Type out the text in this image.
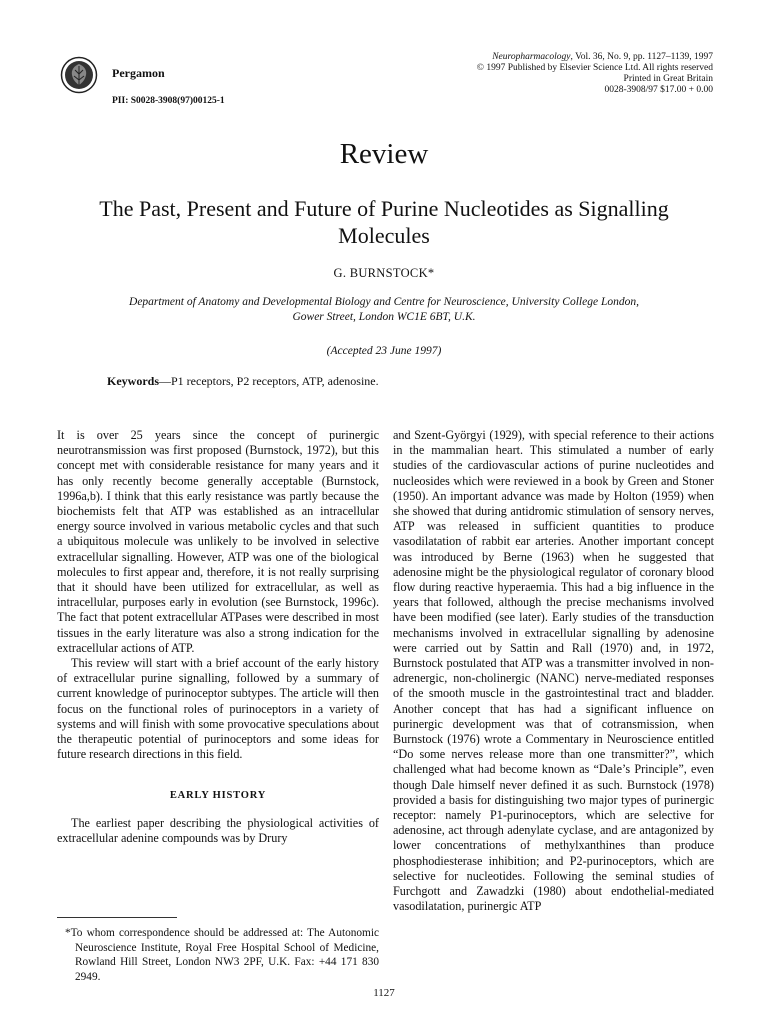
Pergamon
PII: S0028-3908(97)00125-1
Neuropharmacology, Vol. 36, No. 9, pp. 1127–1139, 1997
© 1997 Published by Elsevier Science Ltd. All rights reserved
Printed in Great Britain
0028-3908/97 $17.00 + 0.00
Review
The Past, Present and Future of Purine Nucleotides as Signalling Molecules
G. BURNSTOCK*
Department of Anatomy and Developmental Biology and Centre for Neuroscience, University College London,
Gower Street, London WC1E 6BT, U.K.
(Accepted 23 June 1997)
Keywords—P1 receptors, P2 receptors, ATP, adenosine.

It is over 25 years since the concept of purinergic neurotransmission was first proposed (Burnstock, 1972), but this concept met with considerable resistance for many years and it has only recently become generally acceptable (Burnstock, 1996a,b). I think that this early resistance was partly because the biochemists felt that ATP was established as an intracellular energy source involved in various metabolic cycles and that such a ubiquitous molecule was unlikely to be involved in selective extracellular signalling. However, ATP was one of the biological molecules to first appear and, therefore, it is not really surprising that it should have been utilized for extracellular, as well as intracellular, purposes early in evolution (see Burnstock, 1996c). The fact that potent extracellular ATPases were described in most tissues in the early literature was also a strong indication for the extracellular actions of ATP.

This review will start with a brief account of the early history of extracellular purine signalling, followed by a summary of current knowledge of purinoceptor subtypes. The article will then focus on the functional roles of purinoceptors in a variety of systems and will finish with some provocative speculations about the therapeutic potential of purinoceptors and some ideas for future research directions in this field.

EARLY HISTORY

The earliest paper describing the physiological activities of extracellular adenine compounds was by Drury

and Szent-Györgyi (1929), with special reference to their actions in the mammalian heart. This stimulated a number of early studies of the cardiovascular actions of purine nucleotides and nucleosides which were reviewed in a book by Green and Stoner (1950). An important advance was made by Holton (1959) when she showed that during antidromic stimulation of sensory nerves, ATP was released in sufficient quantities to produce vasodilatation of rabbit ear arteries. Another important concept was introduced by Berne (1963) when he suggested that adenosine might be the physiological regulator of coronary blood flow during reactive hyperaemia. This had a big influence in the years that followed, although the precise mechanisms involved have been modified (see later). Early studies of the transduction mechanisms involved in extracellular signalling by adenosine were carried out by Sattin and Rall (1970) and, in 1972, Burnstock postulated that ATP was a transmitter involved in non-adrenergic, non-cholinergic (NANC) nerve-mediated responses of the smooth muscle in the gastrointestinal tract and bladder. Another concept that has had a significant influence on purinergic development was that of cotransmission, when Burnstock (1976) wrote a Commentary in Neuroscience entitled “Do some nerves release more than one transmitter?”, which challenged what had become known as “Dale’s Principle”, even though Dale himself never defined it as such. Burnstock (1978) provided a basis for distinguishing two major types of purinergic receptor: namely P1-purinoceptors, which are selective for adenosine, act through adenylate cyclase, and are antagonized by lower concentrations of methylxanthines than produce phosphodiesterase inhibition; and P2-purinoceptors, which are selective for nucleotides. Following the seminal studies of Furchgott and Zawadzki (1980) about endothelial-mediated vasodilatation, purinergic ATP

*To whom correspondence should be addressed at: The Autonomic Neuroscience Institute, Royal Free Hospital School of Medicine, Rowland Hill Street, London NW3 2PF, U.K. Fax: +44 171 830 2949.
1127
